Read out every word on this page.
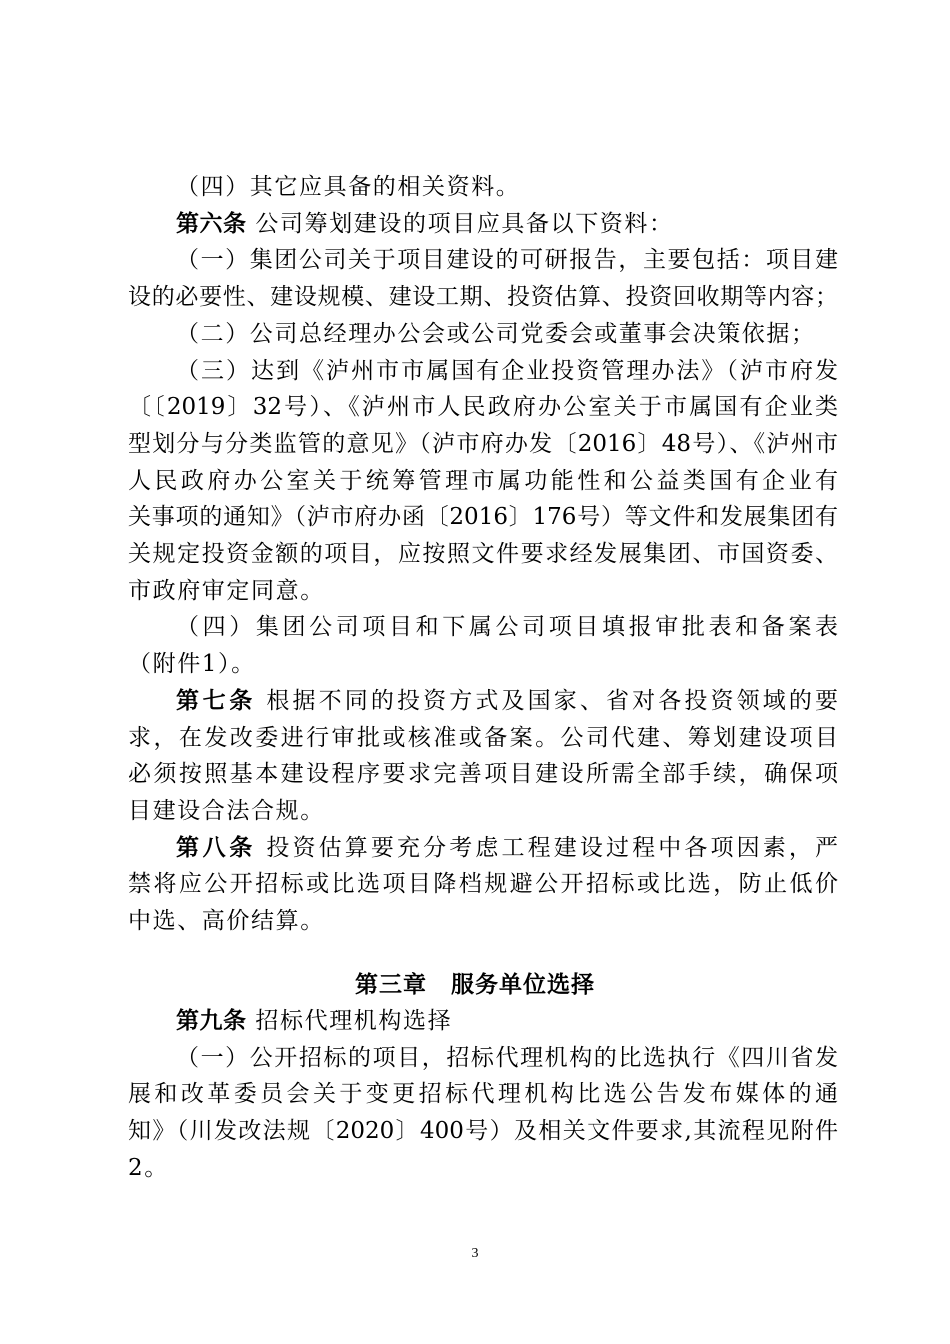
（四）其它应具备的相关资料。
第六条 公司筹划建设的项目应具备以下资料：
（一）集团公司关于项目建设的可研报告，主要包括：项目建
设的必要性、建设规模、建设工期、投资估算、投资回收期等内容；
（二）公司总经理办公会或公司党委会或董事会决策依据；
（三）达到《泸州市市属国有企业投资管理办法》（泸市府发
〔〔2019〕32号）、《泸州市人民政府办公室关于市属国有企业类
型划分与分类监管的意见》（泸市府办发〔2016〕48号）、《泸州市
人民政府办公室关于统筹管理市属功能性和公益类国有企业有
关事项的通知》（泸市府办函〔2016〕176号）等文件和发展集团有
关规定投资金额的项目，应按照文件要求经发展集团、市国资委、
市政府审定同意。
（四）集团公司项目和下属公司项目填报审批表和备案表
（附件1）。
第七条 根据不同的投资方式及国家、省对各投资领域的要
求，在发改委进行审批或核准或备案。公司代建、筹划建设项目
必须按照基本建设程序要求完善项目建设所需全部手续，确保项
目建设合法合规。
第八条 投资估算要充分考虑工程建设过程中各项因素，严
禁将应公开招标或比选项目降档规避公开招标或比选，防止低价
中选、高价结算。
第三章　服务单位选择
第九条 招标代理机构选择
（一）公开招标的项目，招标代理机构的比选执行《四川省发
展和改革委员会关于变更招标代理机构比选公告发布媒体的通
知》（川发改法规〔2020〕400号）及相关文件要求,其流程见附件
2。
3
